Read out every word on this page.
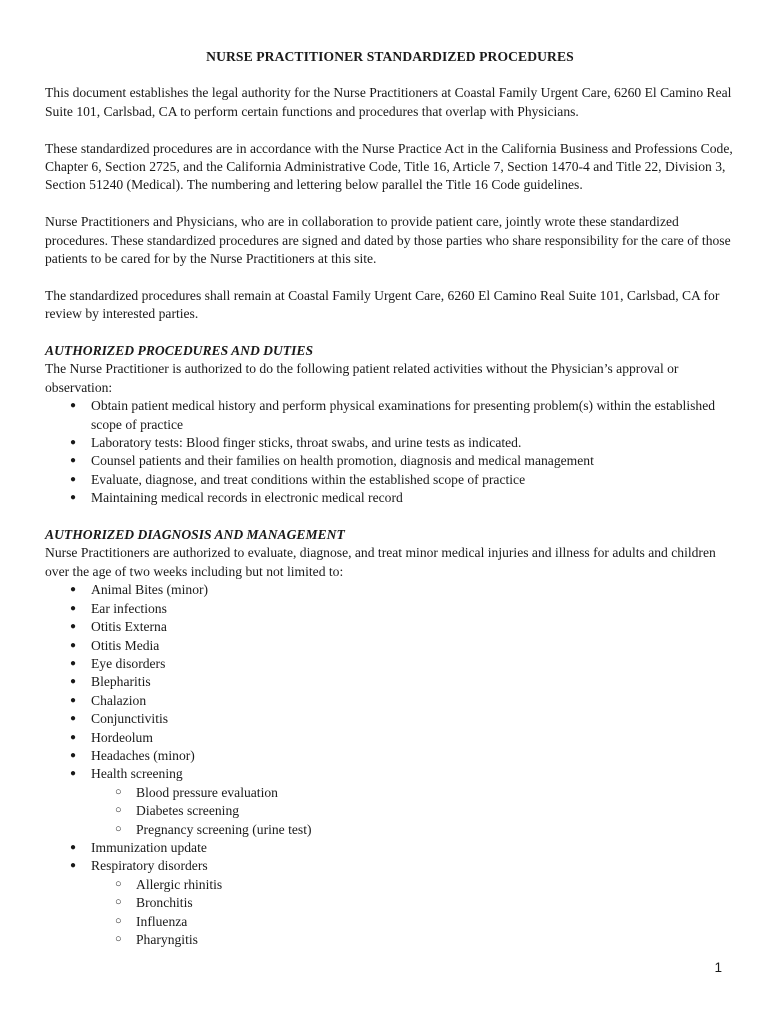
NURSE PRACTITIONER STANDARDIZED PROCEDURES

This document establishes the legal authority for the Nurse Practitioners at Coastal Family Urgent Care, 6260 El Camino Real Suite 101, Carlsbad, CA to perform certain functions and procedures that overlap with Physicians.

These standardized procedures are in accordance with the Nurse Practice Act in the California Business and Professions Code, Chapter 6, Section 2725, and the California Administrative Code, Title 16, Article 7, Section 1470-4 and Title 22, Division 3, Section 51240 (Medical). The numbering and lettering below parallel the Title 16 Code guidelines.

Nurse Practitioners and Physicians, who are in collaboration to provide patient care, jointly wrote these standardized procedures. These standardized procedures are signed and dated by those parties who share responsibility for the care of those patients to be cared for by the Nurse Practitioners at this site.

The standardized procedures shall remain at Coastal Family Urgent Care, 6260 El Camino Real Suite 101, Carlsbad, CA for review by interested parties.

AUTHORIZED PROCEDURES AND DUTIES
The Nurse Practitioner is authorized to do the following patient related activities without the Physician’s approval or observation:
● Obtain patient medical history and perform physical examinations for presenting problem(s) within the established scope of practice
● Laboratory tests: Blood finger sticks, throat swabs, and urine tests as indicated.
● Counsel patients and their families on health promotion, diagnosis and medical management
● Evaluate, diagnose, and treat conditions within the established scope of practice
● Maintaining medical records in electronic medical record
AUTHORIZED DIAGNOSIS AND MANAGEMENT
Nurse Practitioners are authorized to evaluate, diagnose, and treat minor medical injuries and illness for adults and children over the age of two weeks including but not limited to:
● Animal Bites (minor)
● Ear infections
● Otitis Externa
● Otitis Media
● Eye disorders
● Blepharitis
● Chalazion
● Conjunctivitis
● Hordeolum
● Headaches (minor)
● Health screening
○ Blood pressure evaluation
○ Diabetes screening
○ Pregnancy screening (urine test)
● Immunization update
● Respiratory disorders
○ Allergic rhinitis
○ Bronchitis
○ Influenza
○ Pharyngitis
1
